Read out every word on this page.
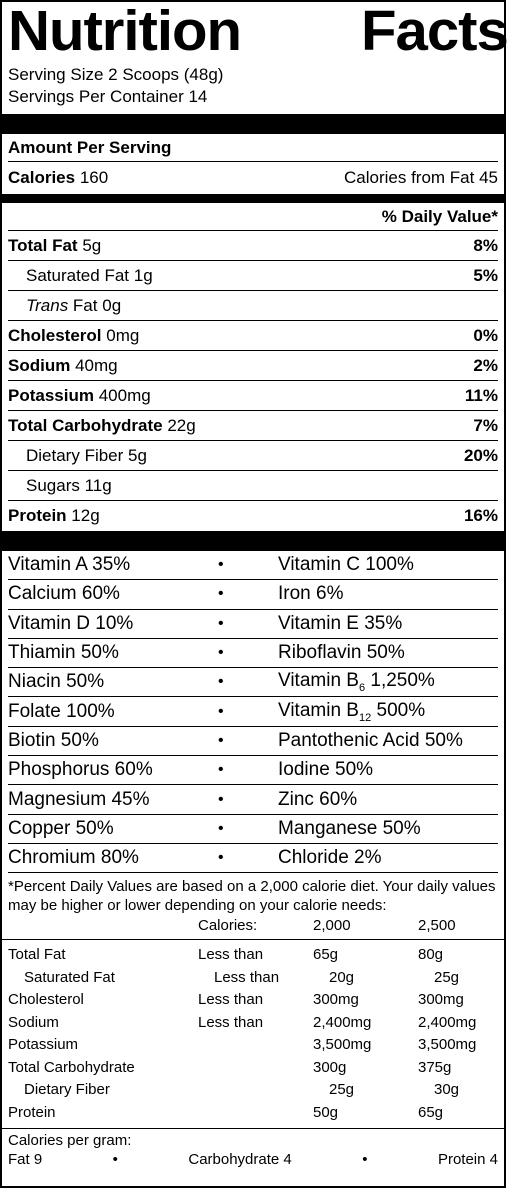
Nutrition Facts
Serving Size 2 Scoops (48g)
Servings Per Container 14
Amount Per Serving
Calories 160	Calories from Fat 45
% Daily Value*
Total Fat 5g	8%
Saturated Fat 1g	5%
Trans Fat 0g
Cholesterol 0mg	0%
Sodium 40mg	2%
Potassium 400mg	11%
Total Carbohydrate 22g	7%
Dietary Fiber 5g	20%
Sugars 11g
Protein 12g	16%
Vitamin A 35%	•	Vitamin C 100%
Calcium 60%	•	Iron 6%
Vitamin D 10%	•	Vitamin E 35%
Thiamin 50%	•	Riboflavin 50%
Niacin 50%	•	Vitamin $B_6$ 1,250%
Folate 100%	•	Vitamin $B_{12}$ 500%
Biotin 50%	•	Pantothenic Acid 50%
Phosphorus 60%	•	Iodine 50%
Magnesium 45%	•	Zinc 60%
Copper 50%	•	Manganese 50%
Chromium 80%	•	Chloride 2%
*Percent Daily Values are based on a 2,000 calorie diet. Your daily values may be higher or lower depending on your calorie needs:
Calories:	2,000	2,500
Total Fat	Less than	65g	80g
Saturated Fat	Less than	20g	25g
Cholesterol	Less than	300mg	300mg
Sodium	Less than	2,400mg	2,400mg
Potassium	3,500mg	3,500mg
Total Carbohydrate	300g	375g
Dietary Fiber	25g	30g
Protein	50g	65g
Calories per gram:
Fat 9	•	Carbohydrate 4	•	Protein 4
